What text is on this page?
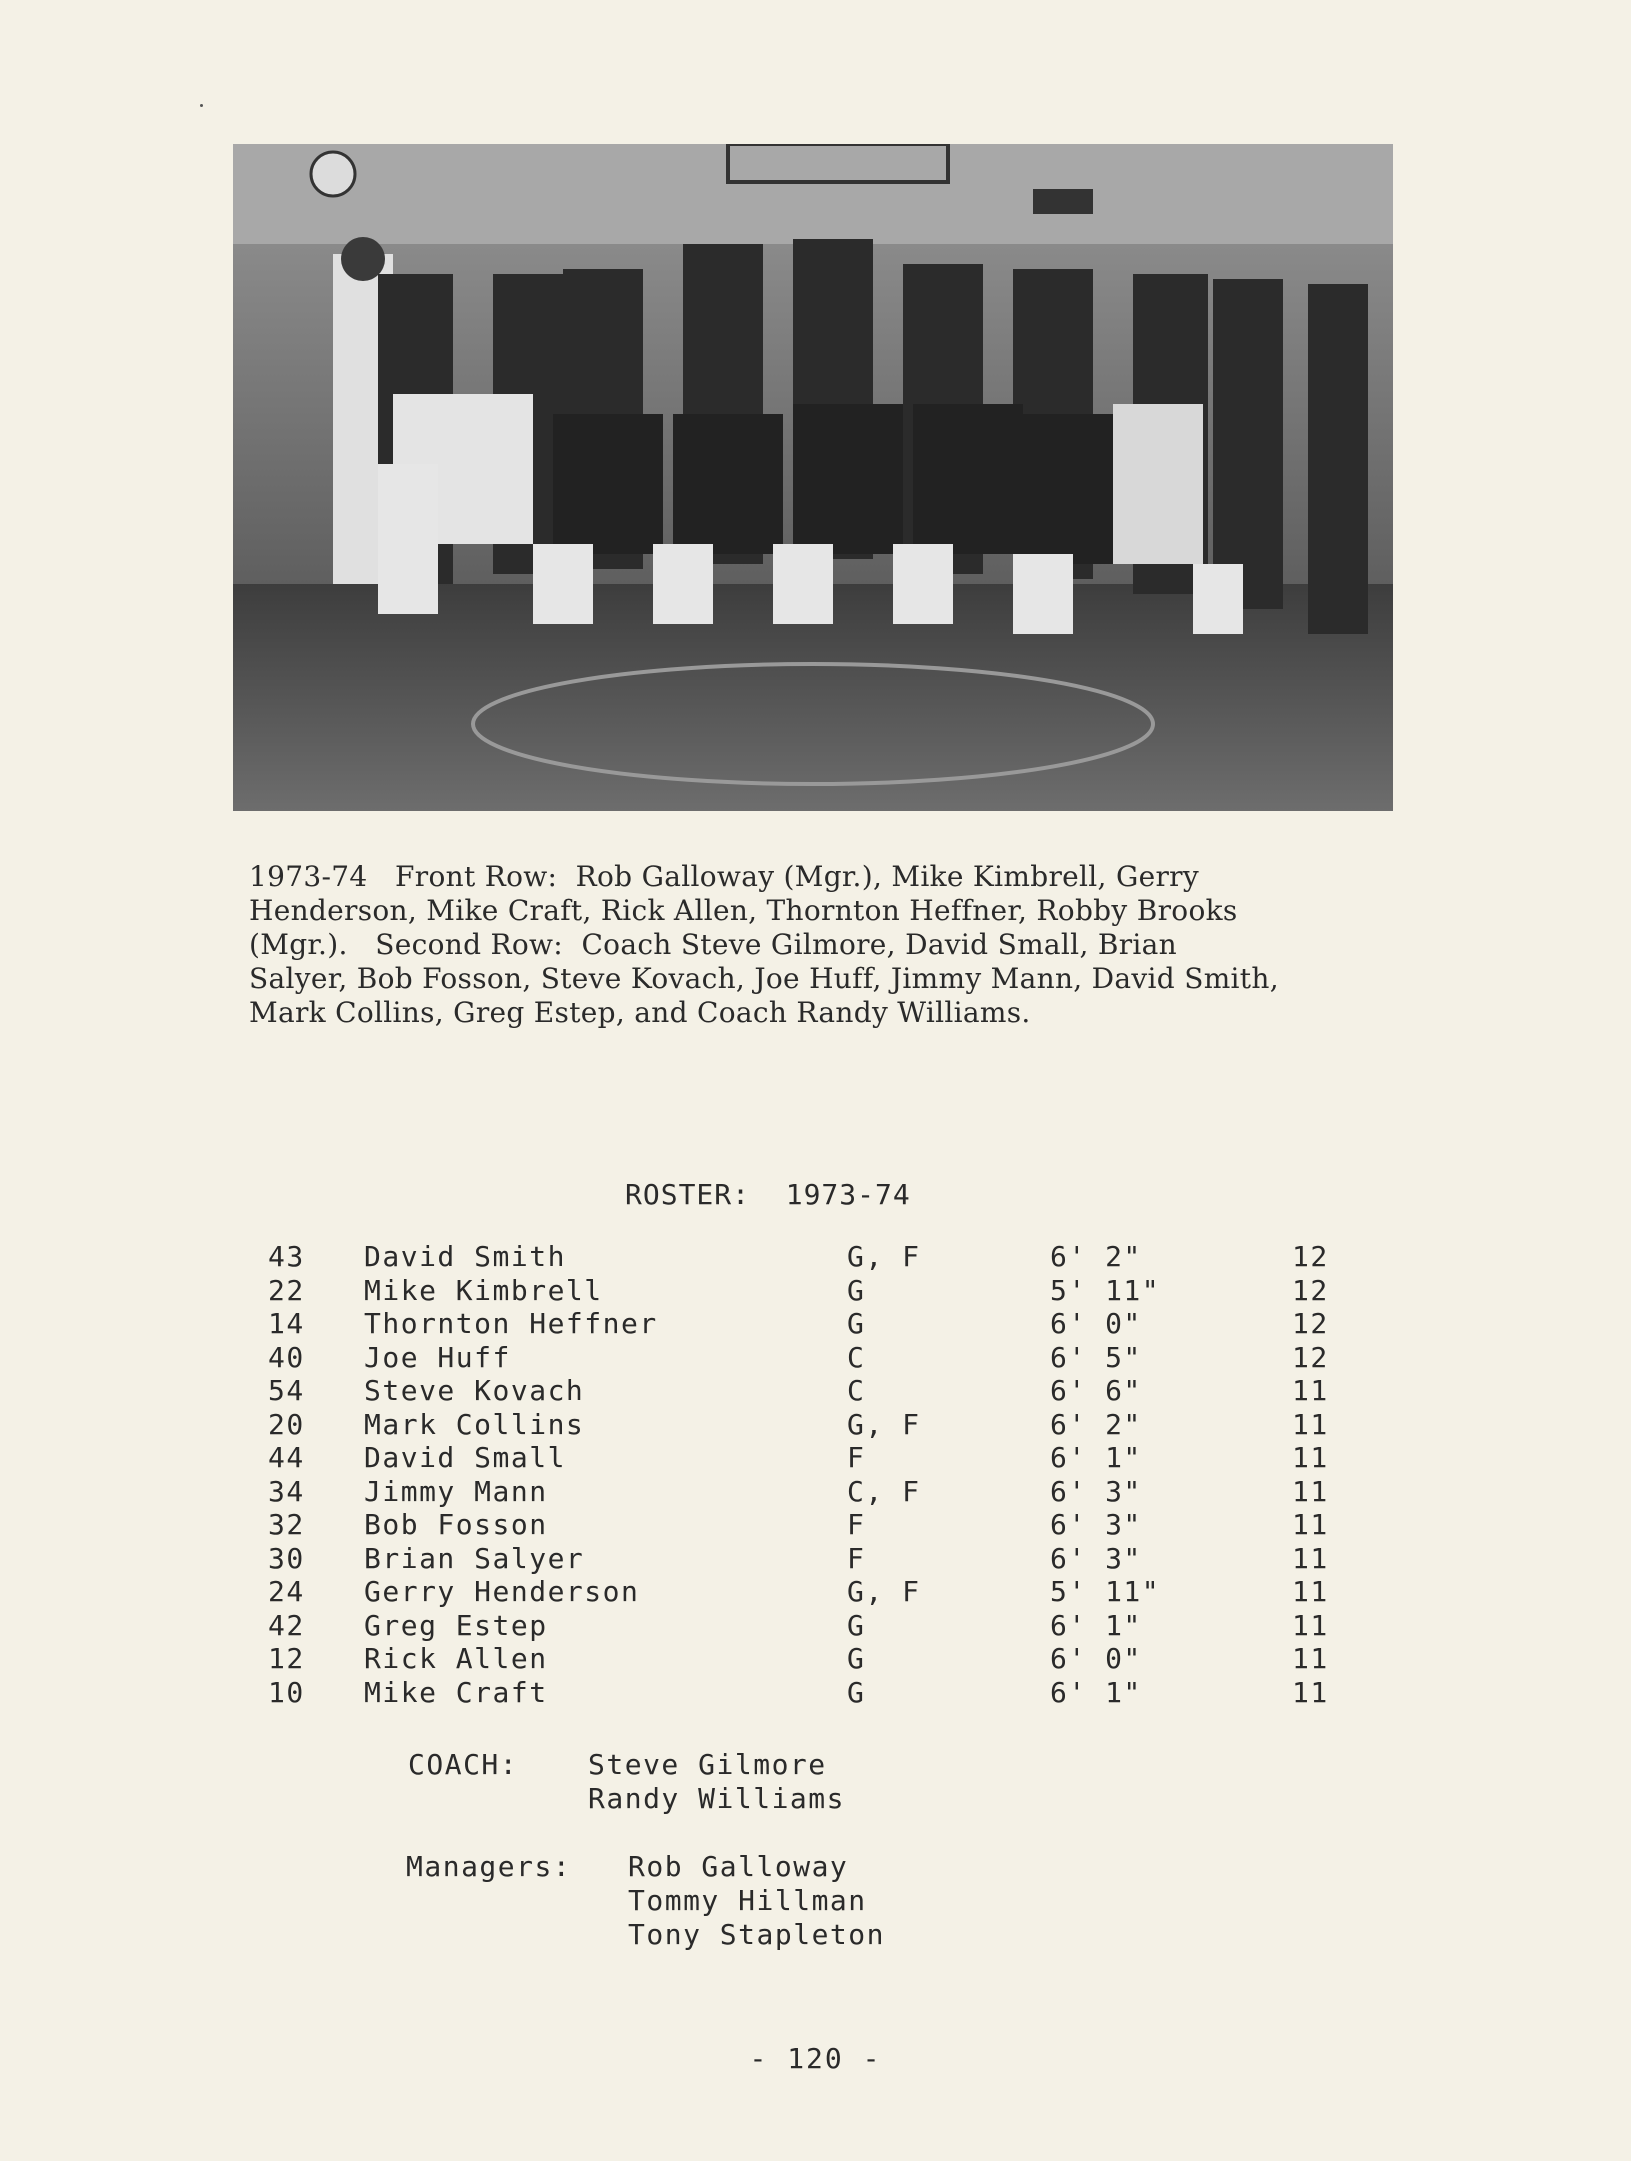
1973-74   Front Row:  Rob Galloway (Mgr.), Mike Kimbrell, Gerry
Henderson, Mike Craft, Rick Allen, Thornton Heffner, Robby Brooks
(Mgr.).   Second Row:  Coach Steve Gilmore, David Small, Brian
Salyer, Bob Fosson, Steve Kovach, Joe Huff, Jimmy Mann, David Smith,
Mark Collins, Greg Estep, and Coach Randy Williams.
ROSTER:  1973-74
43 David Smith	G, F	6' 2"	12
22 Mike Kimbrell	G	5' 11"	12
14 Thornton Heffner	G	6' 0"	12
40 Joe Huff	C	6' 5"	12
54 Steve Kovach	C	6' 6"	11
20 Mark Collins	G, F	6' 2"	11
44 David Small	F	6' 1"	11
34 Jimmy Mann	C, F	6' 3"	11
32 Bob Fosson	F	6' 3"	11
30 Brian Salyer	F	6' 3"	11
24 Gerry Henderson	G, F	5' 11"	11
42 Greg Estep	G	6' 1"	11
12 Rick Allen	G	6' 0"	11
10 Mike Craft	G	6' 1"	11
COACH: Steve Gilmore
Randy Williams
Managers: Rob Galloway
Tommy Hillman
Tony Stapleton
- 120 -
